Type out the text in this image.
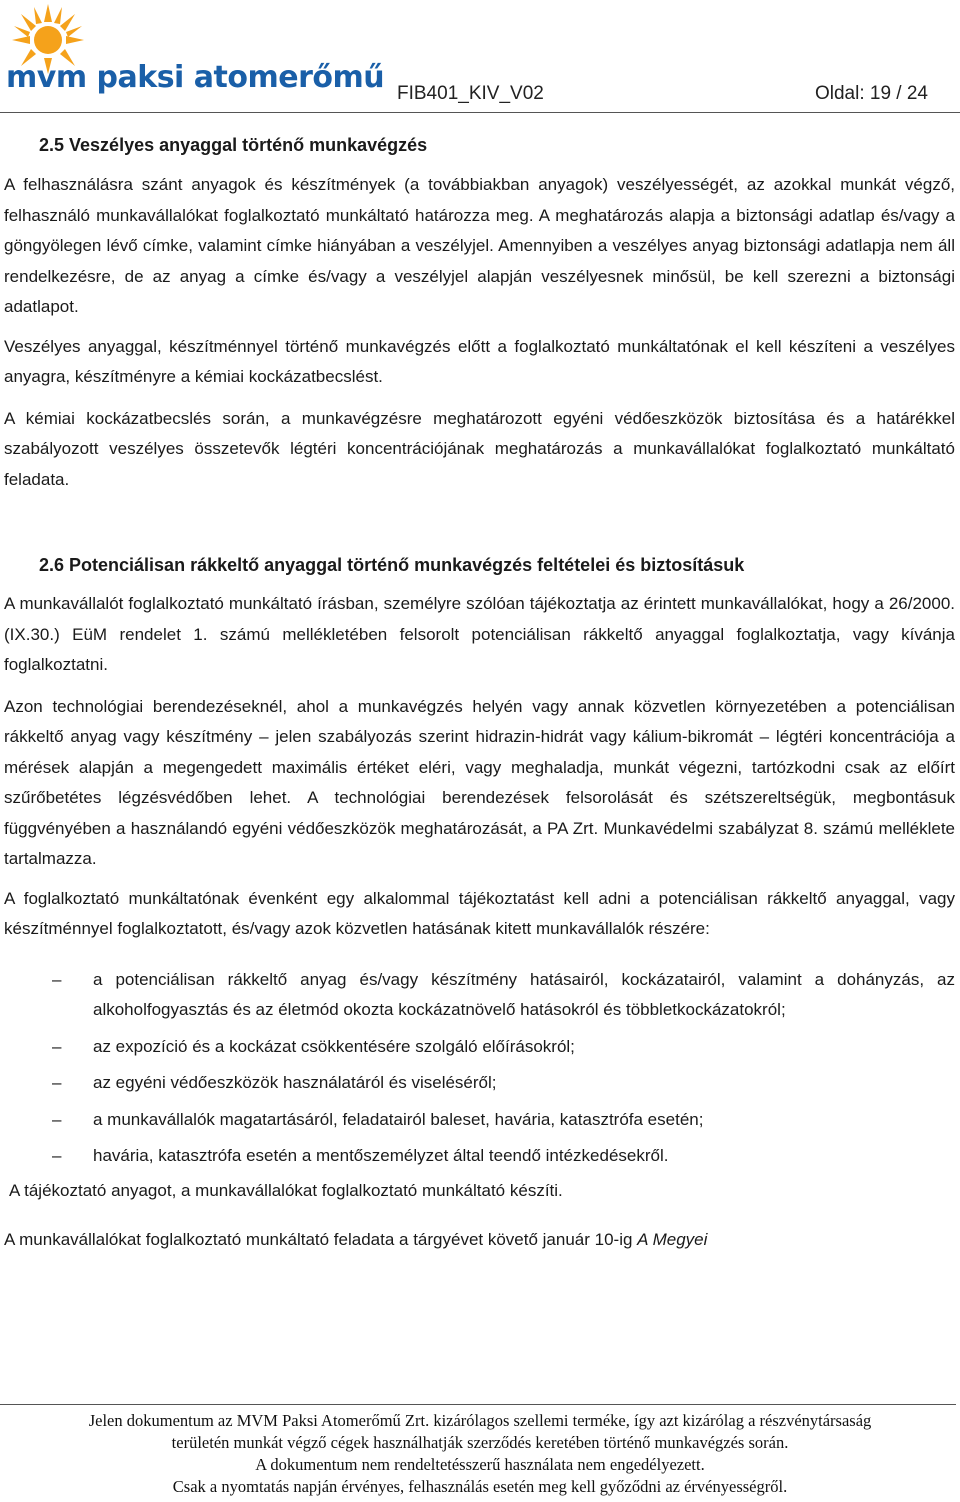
mvm paksi atomerőmű FIB401_KIV_V02	Oldal: 19 / 24
2.5 Veszélyes anyaggal történő munkavégzés

A felhasználásra szánt anyagok és készítmények (a továbbiakban anyagok) veszélyességét, az azokkal munkát végző, felhasználó munkavállalókat foglalkoztató munkáltató határozza meg. A meghatározás alapja a biztonsági adatlap és/vagy a göngyölegen lévő címke, valamint címke hiányában a veszélyjel. Amennyiben a veszélyes anyag biztonsági adatlapja nem áll rendelkezésre, de az anyag a címke és/vagy a veszélyjel alapján veszélyesnek minősül, be kell szerezni a biztonsági adatlapot.

Veszélyes anyaggal, készítménnyel történő munkavégzés előtt a foglalkoztató munkáltatónak el kell készíteni a veszélyes anyagra, készítményre a kémiai kockázatbecslést.

A kémiai kockázatbecslés során, a munkavégzésre meghatározott egyéni védőeszközök biztosítása és a határékkel szabályozott veszélyes összetevők légtéri koncentrációjának meghatározás a munkavállalókat foglalkoztató munkáltató feladata.

2.6 Potenciálisan rákkeltő anyaggal történő munkavégzés feltételei és biztosításuk

A munkavállalót foglalkoztató munkáltató írásban, személyre szólóan tájékoztatja az érintett munkavállalókat, hogy a 26/2000. (IX.30.) EüM rendelet 1. számú mellékletében felsorolt potenciálisan rákkeltő anyaggal foglalkoztatja, vagy kívánja foglalkoztatni.

Azon technológiai berendezéseknél, ahol a munkavégzés helyén vagy annak közvetlen környezetében a potenciálisan rákkeltő anyag vagy készítmény – jelen szabályozás szerint hidrazin-hidrát vagy kálium-bikromát – légtéri koncentrációja a mérések alapján a megengedett maximális értéket eléri, vagy meghaladja, munkát végezni, tartózkodni csak az előírt szűrőbetétes légzésvédőben lehet. A technológiai berendezések felsorolását és szétszereltségük, megbontásuk függvényében a használandó egyéni védőeszközök meghatározását, a PA Zrt. Munkavédelmi szabályzat 8. számú melléklete tartalmazza.

A foglalkoztató munkáltatónak évenként egy alkalommal tájékoztatást kell adni a potenciálisan rákkeltő anyaggal, vagy készítménnyel foglalkoztatott, és/vagy azok közvetlen hatásának kitett munkavállalók részére:

– a potenciálisan rákkeltő anyag és/vagy készítmény hatásairól, kockázatairól, valamint a dohányzás, az alkoholfogyasztás és az életmód okozta kockázatnövelő hatásokról és többletkockázatokról;
– az expozíció és a kockázat csökkentésére szolgáló előírásokról;
– az egyéni védőeszközök használatáról és viseléséről;
– a munkavállalók magatartásáról, feladatairól baleset, havária, katasztrófa esetén;
– havária, katasztrófa esetén a mentőszemélyzet által teendő intézkedésekről.

A tájékoztató anyagot, a munkavállalókat foglalkoztató munkáltató készíti.

A munkavállalókat foglalkoztató munkáltató feladata a tárgyévet követő január 10-ig A Megyei

Jelen dokumentum az MVM Paksi Atomerőmű Zrt. kizárólagos szellemi terméke, így azt kizárólag a részvénytársaság
területén munkát végző cégek használhatják szerződés keretében történő munkavégzés során.
A dokumentum nem rendeltetésszerű használata nem engedélyezett.
Csak a nyomtatás napján érvényes, felhasználás esetén meg kell győződni az érvényességről.
